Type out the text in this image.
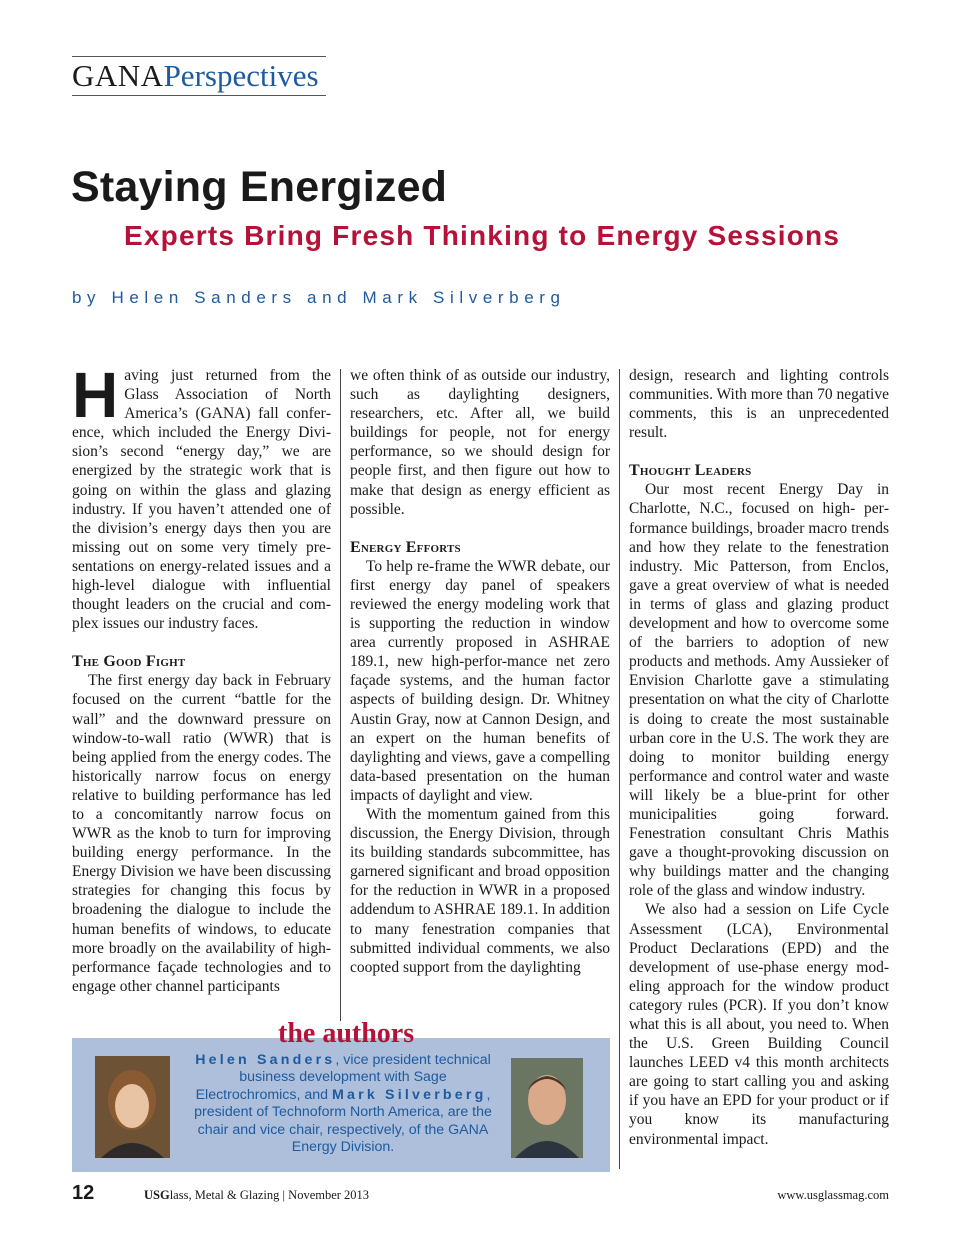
GANAPerspectives
Staying Energized
Experts Bring Fresh Thinking to Energy Sessions
by Helen Sanders and Mark Silverberg
H aving just returned from the Glass Association of North America’s (GANA) fall conference, which included the Energy Division’s second “energy day,” we are energized by the strategic work that is going on within the glass and glazing industry. If you haven’t attended one of the division’s energy days then you are missing out on some very timely presentations on energy-related issues and a high-level dialogue with influential thought leaders on the crucial and complex issues our industry faces.

The Good Fight

The first energy day back in February focused on the current “battle for the wall” and the downward pressure on window-to-wall ratio (WWR) that is being applied from the energy codes. The historically narrow focus on energy relative to building performance has led to a concomitantly narrow focus on WWR as the knob to turn for improving building energy performance. In the Energy Division we have been discussing strategies for changing this focus by broadening the dialogue to include the human benefits of windows, to educate more broadly on the availability of high-performance façade technologies and to engage other channel participants

we often think of as outside our industry, such as daylighting designers, researchers, etc. After all, we build buildings for people, not for energy performance, so we should design for people first, and then figure out how to make that design as energy efficient as possible.

Energy Efforts

To help re-frame the WWR debate, our first energy day panel of speakers reviewed the energy modeling work that is supporting the reduction in window area currently proposed in ASHRAE 189.1, new high-perfor-mance net zero façade systems, and the human factor aspects of building design. Dr. Whitney Austin Gray, now at Cannon Design, and an expert on the human benefits of daylighting and views, gave a compelling data-based presentation on the human impacts of daylight and view.

With the momentum gained from this discussion, the Energy Division, through its building standards subcommittee, has garnered significant and broad opposition for the reduction in WWR in a proposed addendum to ASHRAE 189.1. In addition to many fenestration companies that submitted individual comments, we also coopted support from the daylighting

design, research and lighting controls communities. With more than 70 negative comments, this is an unprecedented result.

Thought Leaders

Our most recent Energy Day in Charlotte, N.C., focused on high- performance buildings, broader macro trends and how they relate to the fenestration industry. Mic Patterson, from Enclos, gave a great overview of what is needed in terms of glass and glazing product development and how to overcome some of the barriers to adoption of new products and methods. Amy Aussieker of Envision Charlotte gave a stimulating presentation on what the city of Charlotte is doing to create the most sustainable urban core in the U.S. The work they are doing to monitor building energy performance and control water and waste will likely be a blue-print for other municipalities going forward. Fenestration consultant Chris Mathis gave a thought-provoking discussion on why buildings matter and the changing role of the glass and window industry.

We also had a session on Life Cycle Assessment (LCA), Environmental Product Declarations (EPD) and the development of use-phase energy modeling approach for the window product category rules (PCR). If you don’t know what this is all about, you need to. When the U.S. Green Building Council launches LEED v4 this month architects are going to start calling you and asking if you have an EPD for your product or if you know its manufacturing environmental impact.

Helen Sanders, vice president technical business development with Sage Electrochromics, and Mark Silverberg, president of Technoform North America, are the chair and vice chair, respectively, of the GANA Energy Division.
the authors
12	USGlass, Metal & Glazing | November 2013	www.usglassmag.com
